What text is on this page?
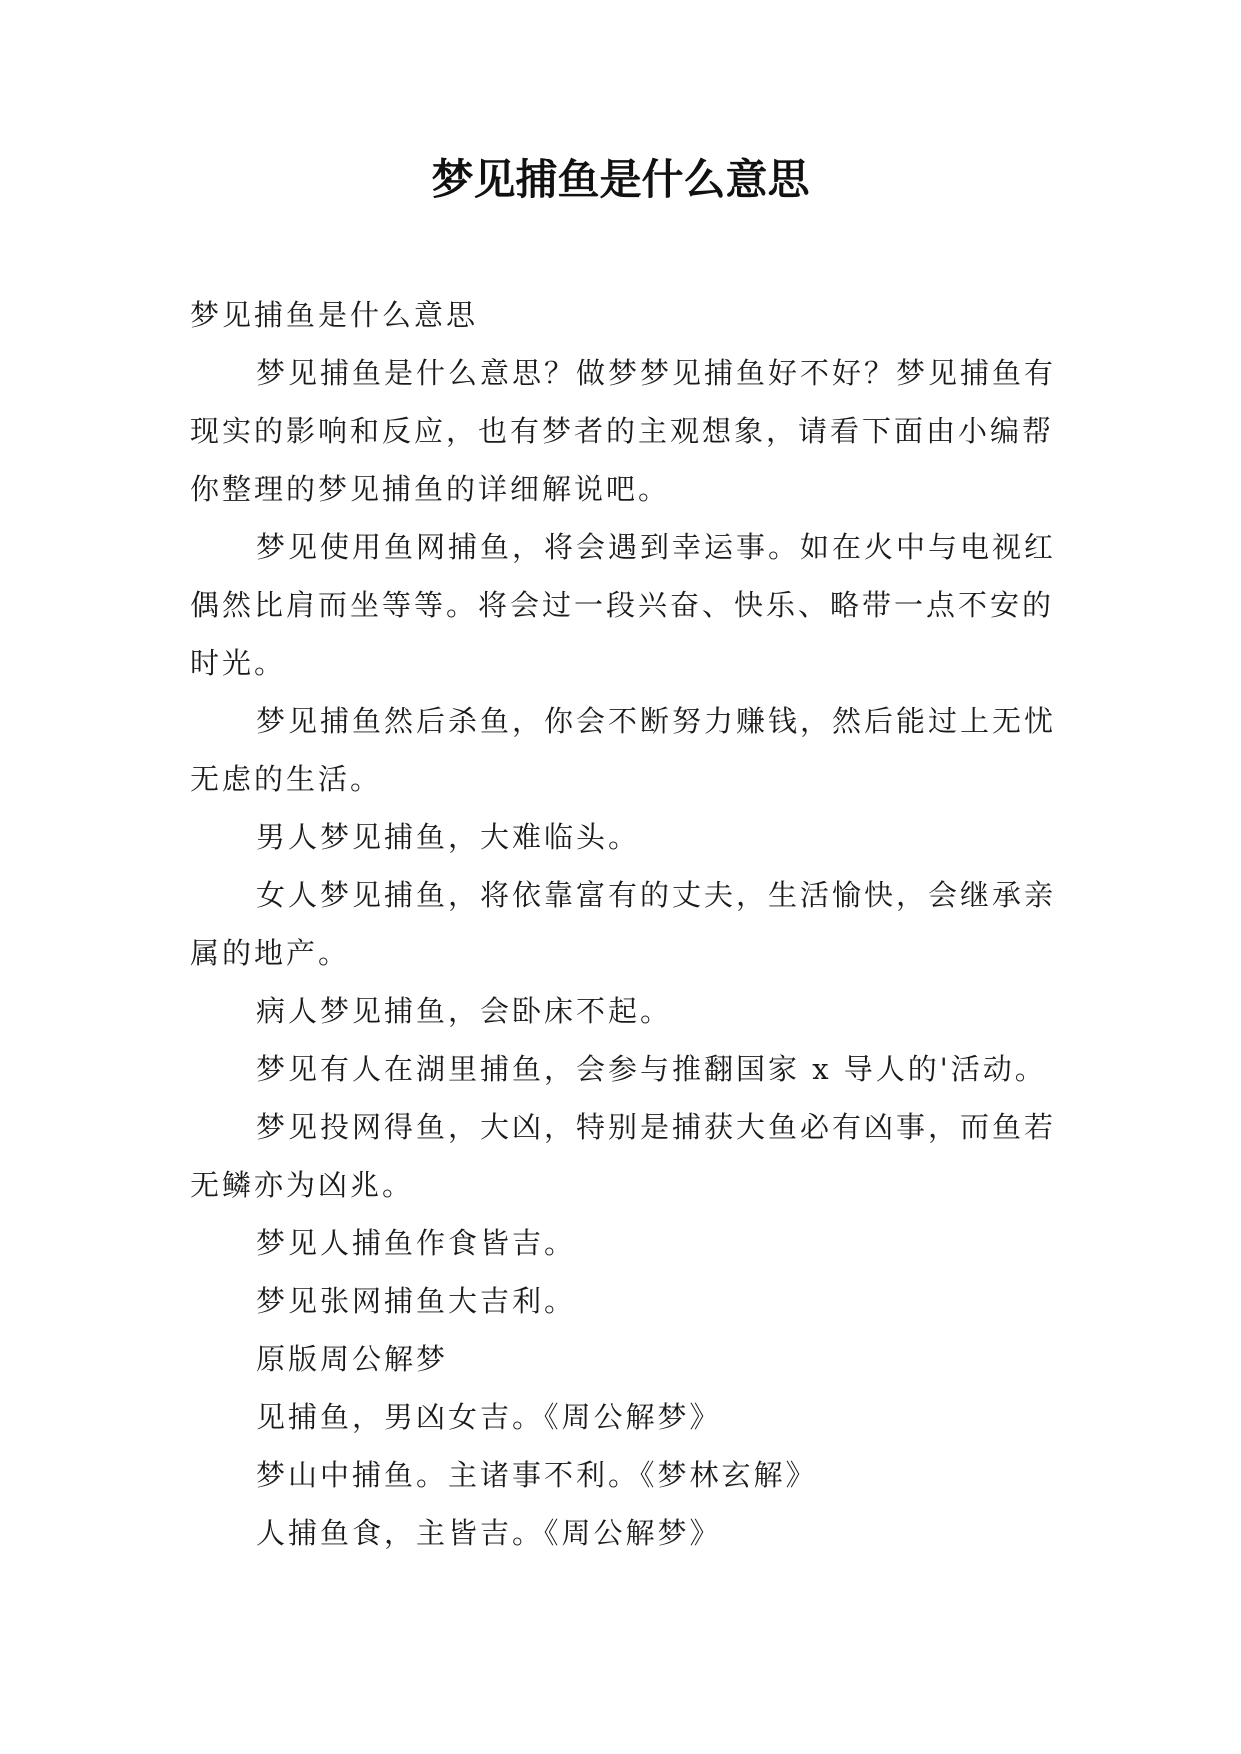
梦见捕鱼是什么意思

梦见捕鱼是什么意思

梦见捕鱼是什么意思？做梦梦见捕鱼好不好？梦见捕鱼有现实的影响和反应，也有梦者的主观想象，请看下面由小编帮你整理的梦见捕鱼的详细解说吧。

梦见使用鱼网捕鱼，将会遇到幸运事。如在火中与电视红偶然比肩而坐等等。将会过一段兴奋、快乐、略带一点不安的时光。

梦见捕鱼然后杀鱼，你会不断努力赚钱，然后能过上无忧无虑的生活。

男人梦见捕鱼，大难临头。

女人梦见捕鱼，将依靠富有的丈夫，生活愉快，会继承亲属的地产。

病人梦见捕鱼，会卧床不起。

梦见有人在湖里捕鱼，会参与推翻国家 x 导人的'活动。

梦见投网得鱼，大凶，特别是捕获大鱼必有凶事，而鱼若无鳞亦为凶兆。

梦见人捕鱼作食皆吉。

梦见张网捕鱼大吉利。

原版周公解梦

见捕鱼，男凶女吉。《周公解梦》

梦山中捕鱼。主诸事不利。《梦林玄解》

人捕鱼食，主皆吉。《周公解梦》
